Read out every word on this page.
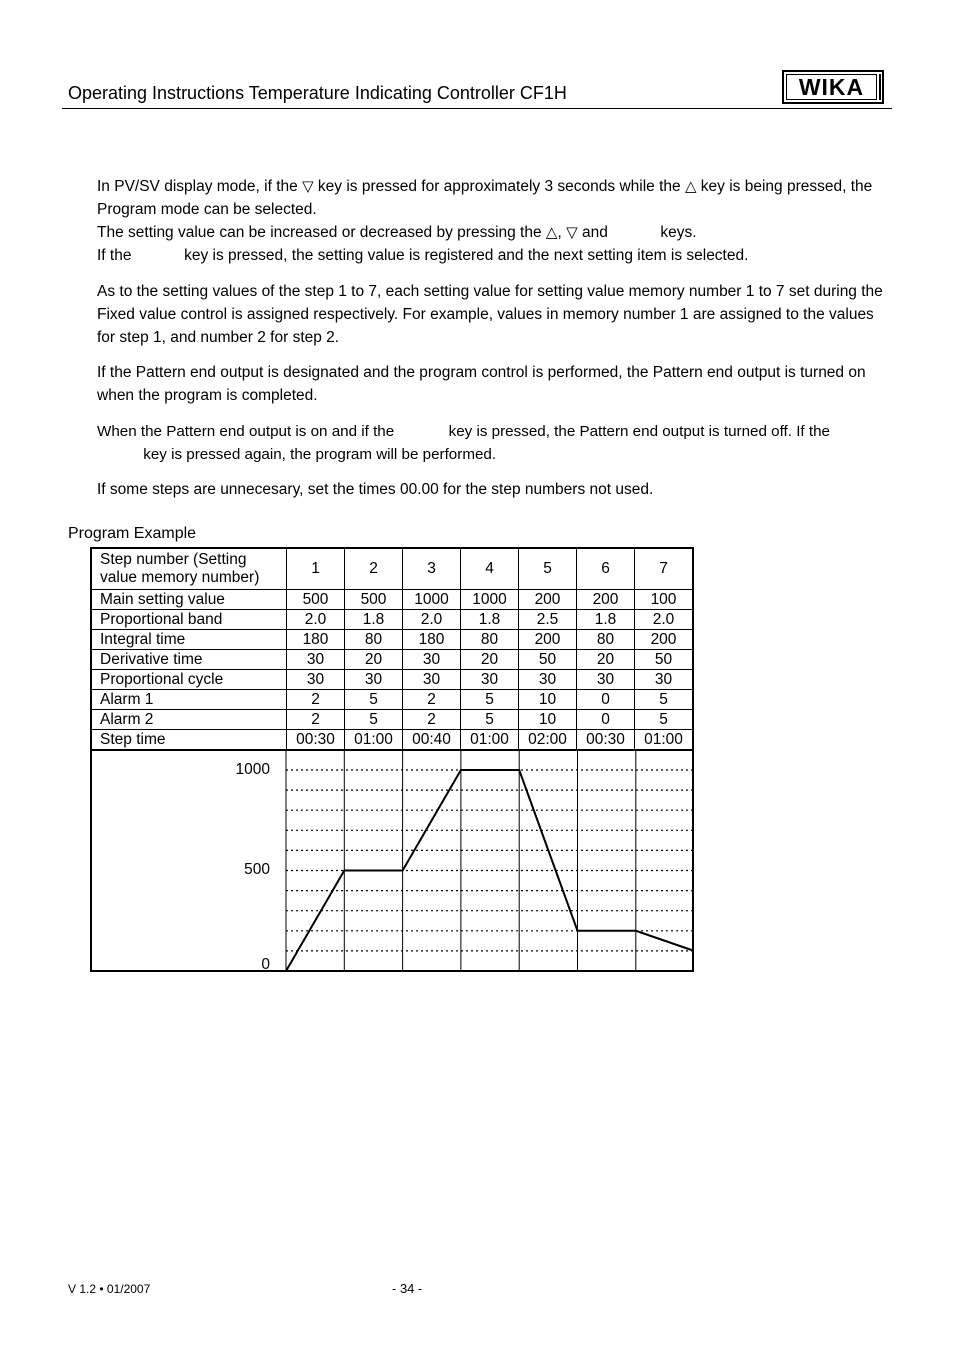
Operating Instructions Temperature Indicating Controller CF1H	WIKA
In PV/SV display mode, if the ▽ key is pressed for approximately 3 seconds while the △ key is being pressed, the Program mode can be selected.
The setting value can be increased or decreased by pressing the △, ▽ and	keys.
If the	key is pressed, the setting value is registered and the next setting item is selected.
As to the setting values of the step 1 to 7, each setting value for setting value memory number 1 to 7 set during the Fixed value control is assigned respectively. For example, values in memory number 1 are assigned to the values for step 1, and number 2 for step 2.
If the Pattern end output is designated and the program control is performed, the Pattern end output is turned on when the program is completed.
When the Pattern end output is on and if the	key is pressed, the Pattern end output is turned off. If the
key is pressed again, the program will be performed.
If some steps are unnecesary, set the times 00.00 for the step numbers not used.
Program Example
Step number (Setting
value memory number)	1	2	3	4	5	6	7
Main setting value	500	500	1000	1000	200	200	100
Proportional band	2.0	1.8	2.0	1.8	2.5	1.8	2.0
Integral time	180	80	180	80	200	80	200
Derivative time	30	20	30	20	50	20	50
Proportional cycle	30	30	30	30	30	30	30
Alarm 1	2	5	2	5	10	0	5
Alarm 2	2	5	2	5	10	0	5
Step time	00:30	01:00	00:40	01:00	02:00	00:30	01:00
1000
500
0
V 1.2 • 01/2007	- 34 -
